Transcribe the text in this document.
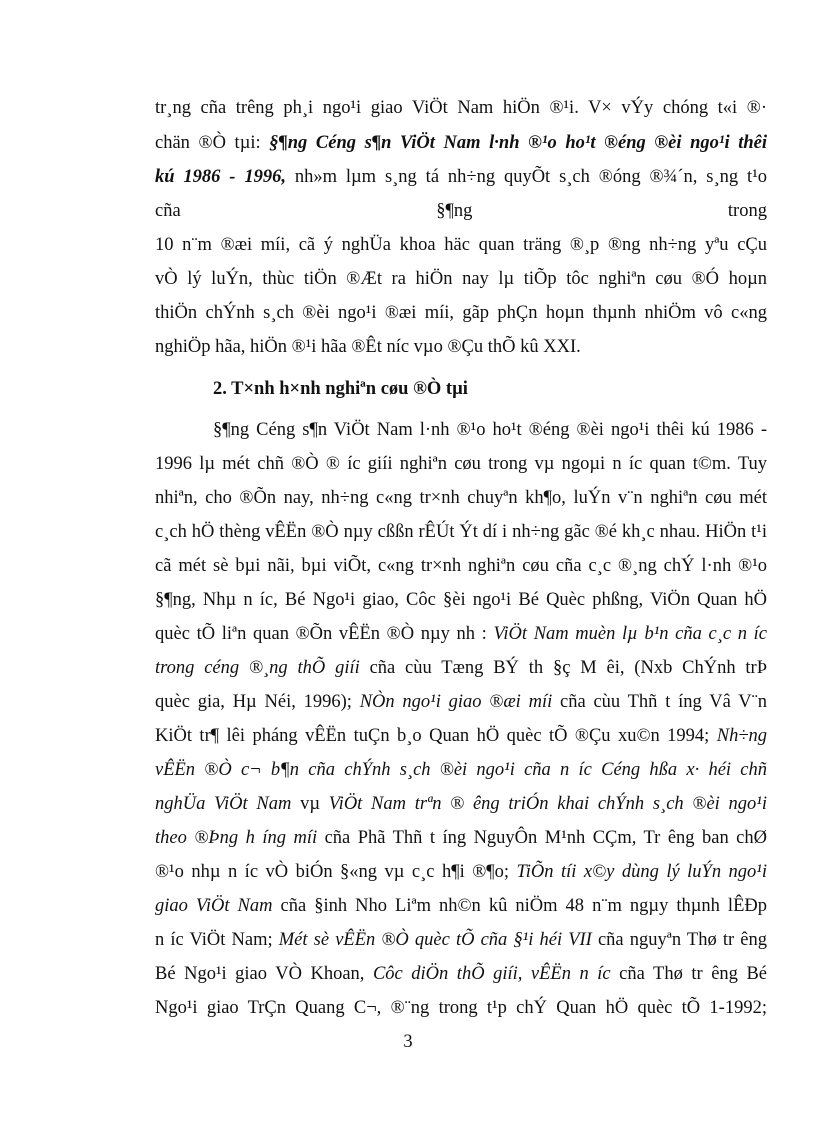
tr¸ng cña trêng ph¸i ngo¹i giao ViÖt Nam hiÖn ®¹i. V× vÝy chóng t«i ®·
chän ®Ò tµi: §¶ng Céng s¶n ViÖt Nam l·nh ®¹o ho¹t ®éng ®èi ngo¹i thêi
kú 1986 - 1996, nh»m lµm s¸ng tá nh÷ng quyÕt s¸ch ®óng ®¾´n, s¸ng t¹o
cña	§¶ng	trong
10 n¨m ®æi míi, cã ý nghÜa khoa häc quan träng ®¸p ®ng nh÷ng yªu cÇu
vÒ lý luÝn, thùc tiÖn ®Æt ra hiÖn nay lµ tiÕp tôc nghiªn cøu ®Ó hoµn
thiÖn chÝnh s¸ch ®èi ngo¹i ®æi míi, gãp phÇn hoµn thµnh nhiÖm vô c«ng
nghiÖp hãa, hiÖn ®¹i hãa ®Êt níc vµo ®Çu thÕ kû XXI.
2. T×nh h×nh nghiªn cøu ®Ò tµi
§¶ng Céng s¶n ViÖt Nam l·nh ®¹o ho¹t ®éng ®èi ngo¹i thêi kú 1986 -
1996 lµ mét chñ ®Ò ® íc giíi nghiªn cøu trong vµ ngoµi n íc quan t©m. Tuy
nhiªn, cho ®Õn nay, nh÷ng c«ng tr×nh chuyªn kh¶o, luÝn v¨n nghiªn cøu mét
c¸ch hÖ thèng vÊËn ®Ò nµy cßßn rÊÚt Ýt dí i nh÷ng gãc ®é kh¸c nhau. HiÖn t¹i
cã mét sè bµi nãi, bµi viÕt, c«ng tr×nh nghiªn cøu cña c¸c ®¸ng chÝ l·nh ®¹o
§¶ng, Nhµ n íc, Bé Ngo¹i giao, Côc §èi ngo¹i Bé Quèc phßng, ViÖn Quan hÖ
quèc tÕ liªn quan ®Õn vÊËn ®Ò nµy nh : ViÖt Nam muèn lµ b¹n cña c¸c n íc
trong céng ®¸ng thÕ giíi cña cùu Tæng BÝ th §ç M êi, (Nxb ChÝnh trÞ
quèc gia, Hµ Néi, 1996); NÒn ngo¹i giao ®æi míi cña cùu Thñ t íng Vâ V¨n
KiÖt tr¶ lêi pháng vÊËn tuÇn b¸o Quan hÖ quèc tÕ ®Çu xu©n 1994; Nh÷ng
vÊËn ®Ò c¬ b¶n cña chÝnh s¸ch ®èi ngo¹i cña n íc Céng hßa x· héi chñ
nghÜa ViÖt Nam vµ ViÖt Nam trªn ® êng triÓn khai chÝnh s¸ch ®èi ngo¹i
theo ®Þng h íng míi cña Phã Thñ t íng NguyÔn M¹nh CÇm, Tr êng ban chØ
®¹o nhµ n íc vÒ biÓn §«ng vµ c¸c h¶i ®¶o; TiÕn tíi x©y dùng lý luÝn ngo¹i
giao ViÖt Nam cña §inh Nho Liªm nh©n kû niÖm 48 n¨m ngµy thµnh lÊÐp
n íc ViÖt Nam; Mét sè vÊËn ®Ò quèc tÕ cña §¹i héi VII cña nguyªn Thø tr êng
Bé Ngo¹i giao VÒ Khoan, Côc diÖn thÕ giíi, vÊËn n íc cña Thø tr êng Bé
Ngo¹i giao TrÇn Quang C¬, ®¨ng trong t¹p chÝ Quan hÖ quèc tÕ 1-1992;
3
